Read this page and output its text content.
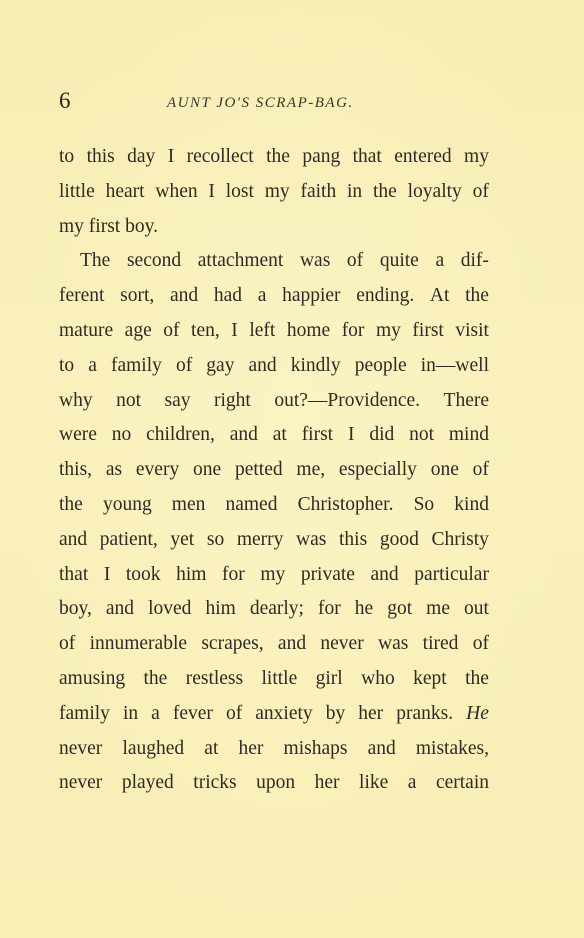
6	AUNT JO'S SCRAP-BAG.
to this day I recollect the pang that entered my
little heart when I lost my faith in the loyalty of
my first boy.
The second attachment was of quite a dif-
ferent sort, and had a happier ending. At the
mature age of ten, I left home for my first visit
to a family of gay and kindly people in—well
why not say right out?—Providence. There
were no children, and at first I did not mind
this, as every one petted me, especially one of
the young men named Christopher. So kind
and patient, yet so merry was this good Christy
that I took him for my private and particular
boy, and loved him dearly; for he got me out
of innumerable scrapes, and never was tired of
amusing the restless little girl who kept the
family in a fever of anxiety by her pranks. He
never laughed at her mishaps and mistakes,
never played tricks upon her like a certain
